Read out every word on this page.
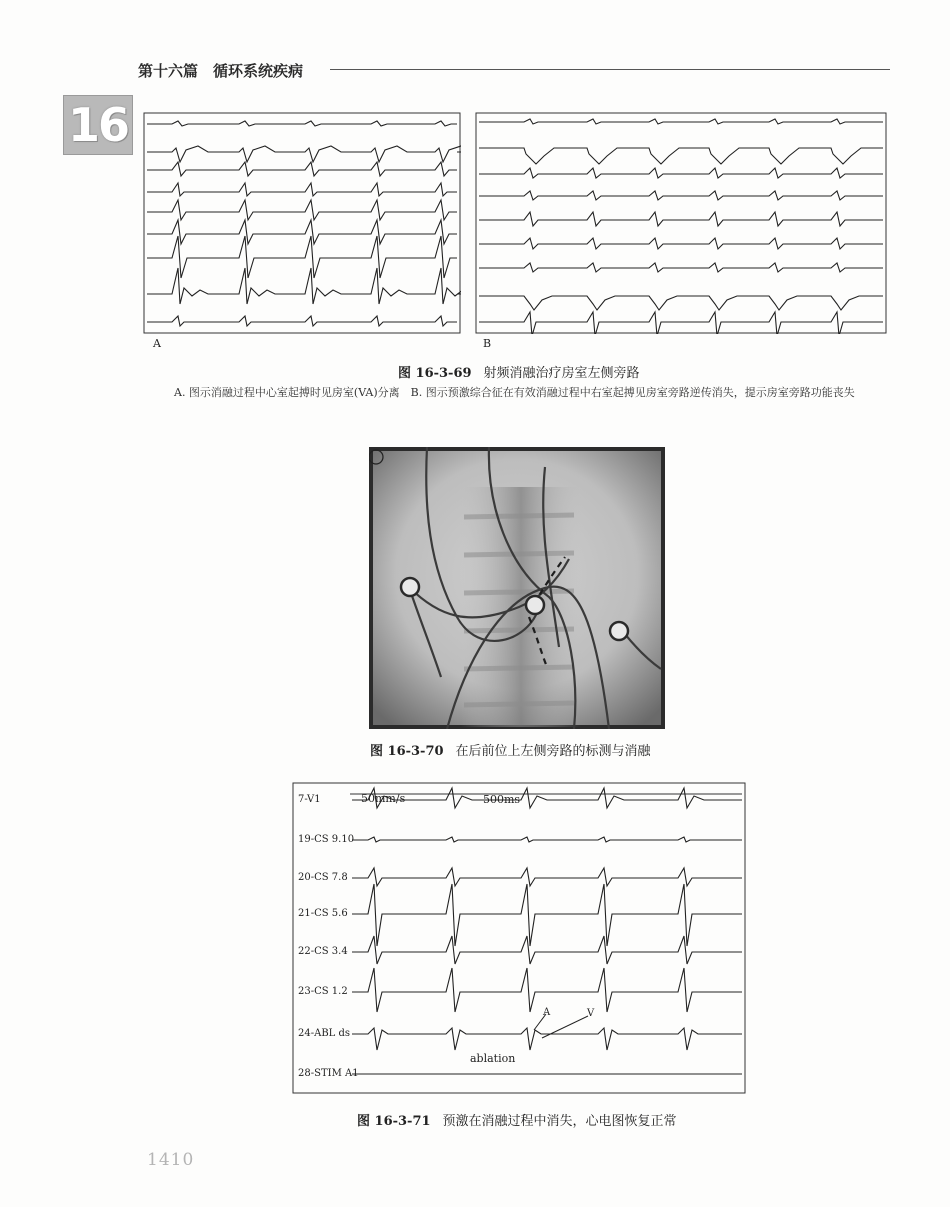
第十六篇　循环系统疾病
16
A	B
图 16-3-69 射频消融治疗房室左侧旁路
A. 图示消融过程中心室起搏时见房室(VA)分离　B. 图示预激综合征在有效消融过程中右室起搏见房室旁路逆传消失，提示房室旁路功能丧失
图 16-3-70 在后前位上左侧旁路的标测与消融
7-V1
19-CS 9.10
20-CS 7.8
21-CS 5.6
22-CS 3.4
23-CS 1.2
24-ABL ds
28-STIM A1
50mm/s	500ms
A	V
ablation
图 16-3-71 预激在消融过程中消失，心电图恢复正常
1410
